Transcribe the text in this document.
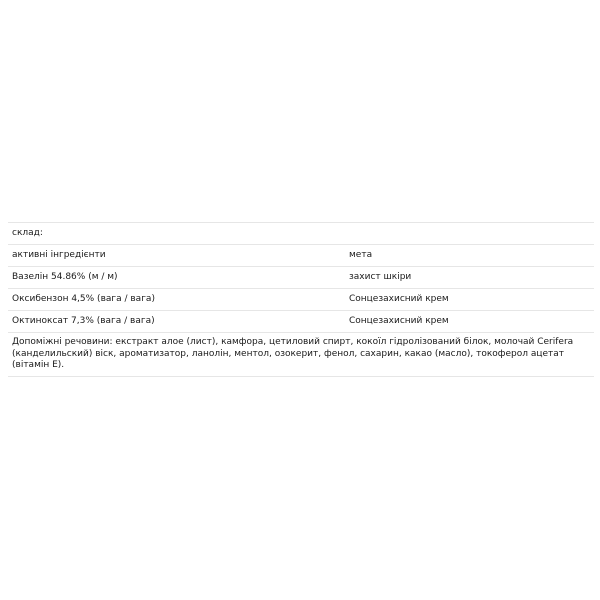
склад:
активні інгредієнти	мета
Вазелін 54.86% (м / м)	захист шкіри
Оксибензон 4,5% (вага / вага)	Сонцезахисний крем
Октиноксат 7,3% (вага / вага)	Сонцезахисний крем
Допоміжні речовини: екстракт алое (лист), камфора, цетиловий спирт, кокоїл гідролізований білок, молочай Cerifera (канделильский) віск, ароматизатор, ланолін, ментол, озокерит, фенол, сахарин, какао (масло), токоферол ацетат (вітамін Е).
